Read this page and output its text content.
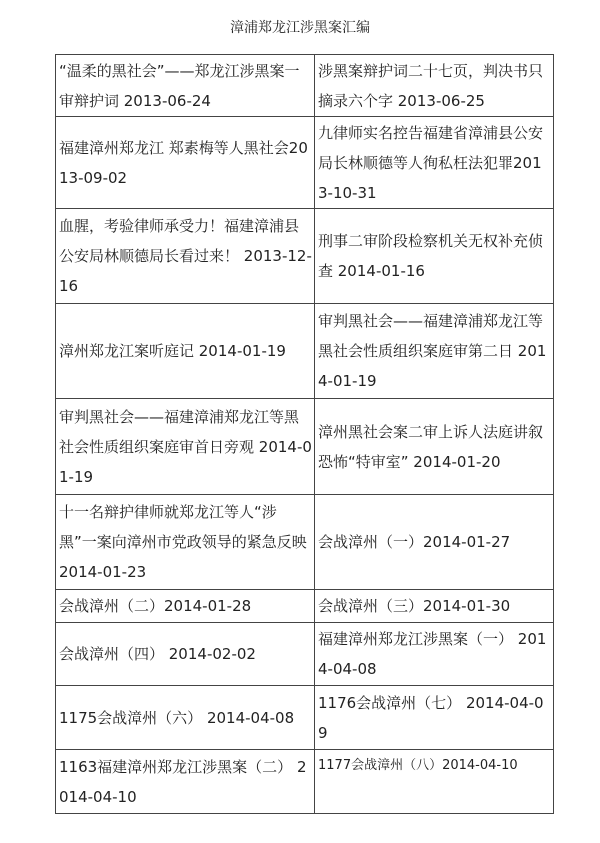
漳浦郑龙江涉黑案汇编
“温柔的黑社会”——郑龙江涉黑案一审辩护词 2013-06-24	涉黑案辩护词二十七页，判决书只摘录六个字 2013-06-25

福建漳州郑龙江 郑素梅等人黑社会2013-09-02	九律师实名控告福建省漳浦县公安局长林顺德等人徇私枉法犯罪2013-10-31

血腥，考验律师承受力！福建漳浦县公安局林顺德局长看过来！ 2013-12-16	刑事二审阶段检察机关无权补充侦查 2014-01-16

漳州郑龙江案听庭记 2014-01-19	审判黑社会——福建漳浦郑龙江等黑社会性质组织案庭审第二日 2014-01-19

审判黑社会——福建漳浦郑龙江等黑社会性质组织案庭审首日旁观 2014-01-19	漳州黑社会案二审上诉人法庭讲叙恐怖“特审室” 2014-01-20

十一名辩护律师就郑龙江等人“涉黑”一案向漳州市党政领导的紧急反映2014-01-23	会战漳州（一）2014-01-27

会战漳州（二）2014-01-28	会战漳州（三）2014-01-30

会战漳州（四） 2014-02-02	福建漳州郑龙江涉黑案（一） 2014-04-08

1175会战漳州（六） 2014-04-08	1176会战漳州（七） 2014-04-09

1163福建漳州郑龙江涉黑案（二） 2014-04-10	1177会战漳州（八）2014-04-10
